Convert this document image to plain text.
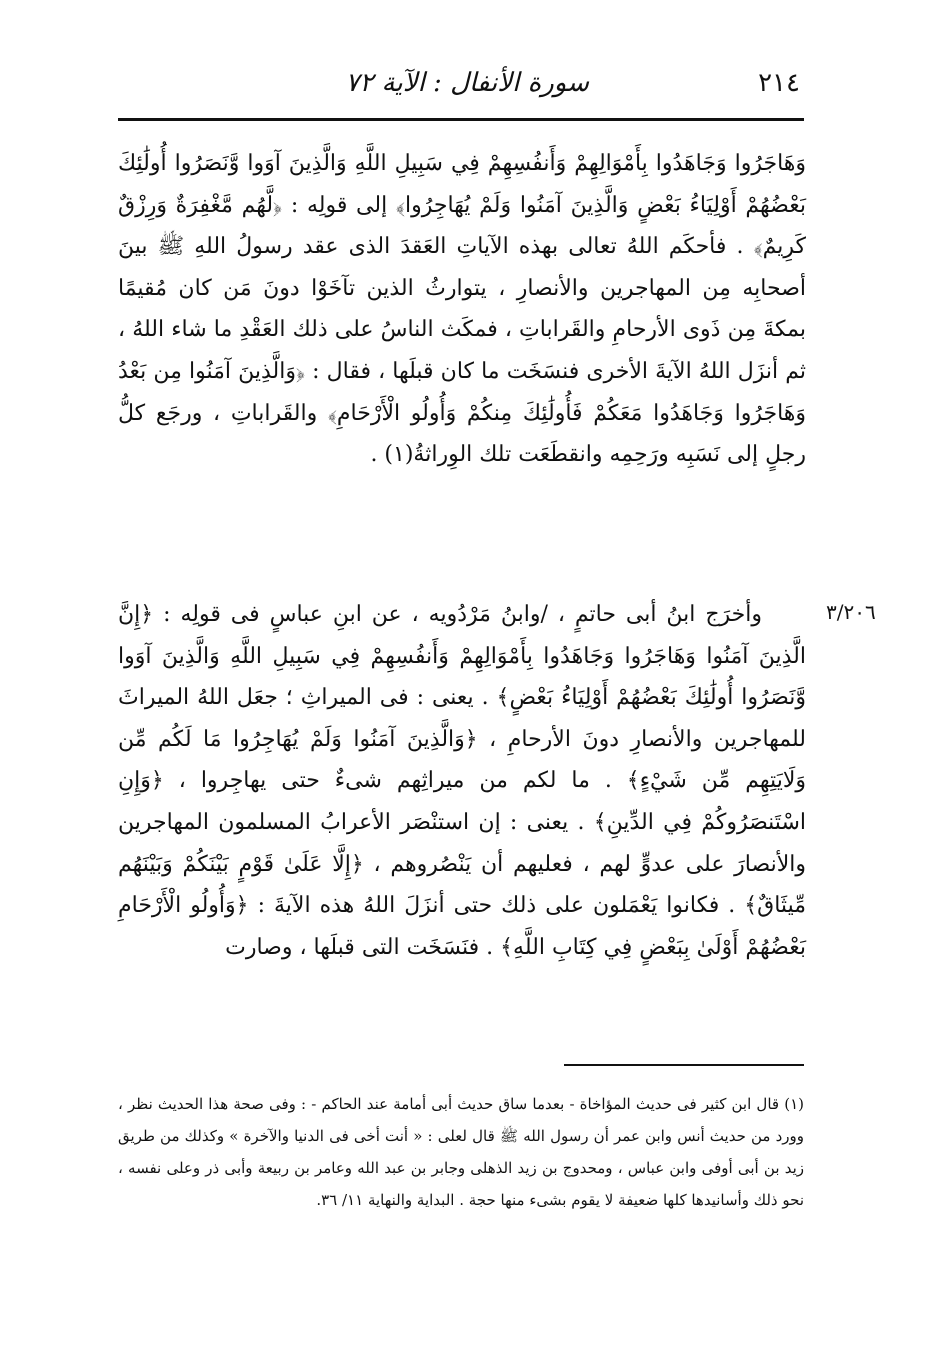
٢١٤
سورة الأنفال : الآية ٧٢

وَهَاجَرُوا وَجَاهَدُوا بِأَمْوَالِهِمْ وَأَنفُسِهِمْ فِي سَبِيلِ اللَّهِ وَالَّذِينَ آوَوا وَّنَصَرُوا أُولَٰئِكَ بَعْضُهُمْ أَوْلِيَاءُ بَعْضٍ وَالَّذِينَ آمَنُوا وَلَمْ يُهَاجِرُوا﴾ إلى قولِه : ﴿لَّهُم مَّغْفِرَةٌ وَرِزْقٌ كَرِيمٌ﴾ . فأحكَم اللهُ تعالى بهذه الآياتِ العَقدَ الذى عقد رسولُ اللهِ ﷺ بينَ أصحابِه مِن المهاجرين والأنصارِ ، يتوارثُ الذين تآخَوْا دونَ مَن كان مُقيمًا بمكةَ مِن ذَوى الأرحامِ والقَراباتِ ، فمكَث الناسُ على ذلك العَقْدِ ما شاء اللهُ ، ثم أنزَل اللهُ الآيةَ الأخرى فنسَخَت ما كان قبلَها ، فقال : ﴿وَالَّذِينَ آمَنُوا مِن بَعْدُ وَهَاجَرُوا وَجَاهَدُوا مَعَكُمْ فَأُولَٰئِكَ مِنكُمْ وَأُولُو الْأَرْحَامِ﴾ والقَراباتِ ، ورجَع كلُّ رجلٍ إلى نَسَبِه ورَحِمِه وانقطَعَت تلك الوِراثةُ(١) .

٣/٢٠٦

وأخرَج ابنُ أبى حاتمٍ ، /وابنُ مَرْدُويه ، عن ابنِ عباسٍ فى قولِه : ﴿إِنَّ الَّذِينَ آمَنُوا وَهَاجَرُوا وَجَاهَدُوا بِأَمْوَالِهِمْ وَأَنفُسِهِمْ فِي سَبِيلِ اللَّهِ وَالَّذِينَ آوَوا وَّنَصَرُوا أُولَٰئِكَ بَعْضُهُمْ أَوْلِيَاءُ بَعْضٍ﴾ . يعنى : فى الميراثِ ؛ جعَل اللهُ الميراثَ للمهاجرين والأنصارِ دونَ الأرحامِ ، ﴿وَالَّذِينَ آمَنُوا وَلَمْ يُهَاجِرُوا مَا لَكُم مِّن وَلَايَتِهِم مِّن شَيْءٍ﴾ . ما لكم من ميراثِهم شىءٌ حتى يهاجِروا ، ﴿وَإِنِ اسْتَنصَرُوكُمْ فِي الدِّينِ﴾ . يعنى : إن استنْصَر الأعرابُ المسلمون المهاجرين والأنصارَ على عدوٍّ لهم ، فعليهم أن يَنْصُروهم ، ﴿إِلَّا عَلَىٰ قَوْمٍ بَيْنَكُمْ وَبَيْنَهُم مِّيثَاقٌ﴾ . فكانوا يَعْمَلون على ذلك حتى أنزَلَ اللهُ هذه الآيةَ : ﴿وَأُولُو الْأَرْحَامِ بَعْضُهُمْ أَوْلَىٰ بِبَعْضٍ فِي كِتَابِ اللَّهِ﴾ . فنَسَخَت التى قبلَها ، وصارت

(١) قال ابن كثير فى حديث المؤاخاة - بعدما ساق حديث أبى أمامة عند الحاكم - : وفى صحة هذا الحديث نظر ، وورد من حديث أنس وابن عمر أن رسول الله ﷺ قال لعلى : « أنت أخى فى الدنيا والآخرة » وكذلك من طريق زيد بن أبى أوفى وابن عباس ، ومحدوج بن زيد الذهلى وجابر بن عبد الله وعامر بن ربيعة وأبى ذر وعلى نفسه ، نحو ذلك وأسانيدها كلها ضعيفة لا يقوم بشىء منها حجة . البداية والنهاية ١١/ ٣٦.
